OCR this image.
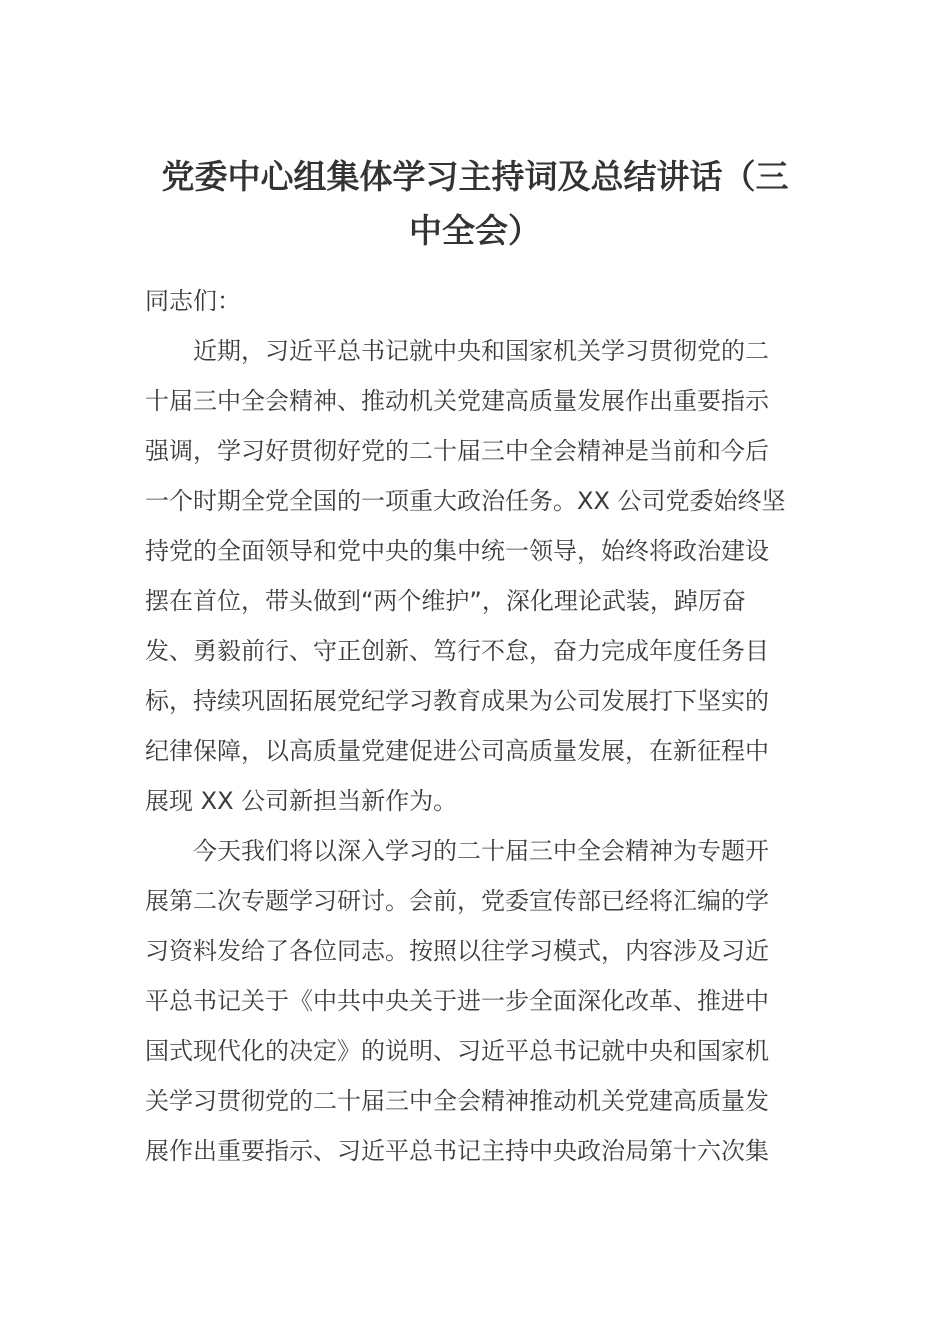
党委中心组集体学习主持词及总结讲话（三
中全会）
同志们：
近期，习近平总书记就中央和国家机关学习贯彻党的二
十届三中全会精神、推动机关党建高质量发展作出重要指示
强调，学习好贯彻好党的二十届三中全会精神是当前和今后
一个时期全党全国的一项重大政治任务。XX 公司党委始终坚
持党的全面领导和党中央的集中统一领导，始终将政治建设
摆在首位，带头做到“两个维护”，深化理论武装，踔厉奋
发、勇毅前行、守正创新、笃行不怠，奋力完成年度任务目
标，持续巩固拓展党纪学习教育成果为公司发展打下坚实的
纪律保障，以高质量党建促进公司高质量发展，在新征程中
展现 XX 公司新担当新作为。
今天我们将以深入学习的二十届三中全会精神为专题开
展第二次专题学习研讨。会前，党委宣传部已经将汇编的学
习资料发给了各位同志。按照以往学习模式，内容涉及习近
平总书记关于《中共中央关于进一步全面深化改革、推进中
国式现代化的决定》的说明、习近平总书记就中央和国家机
关学习贯彻党的二十届三中全会精神推动机关党建高质量发
展作出重要指示、习近平总书记主持中央政治局第十六次集
